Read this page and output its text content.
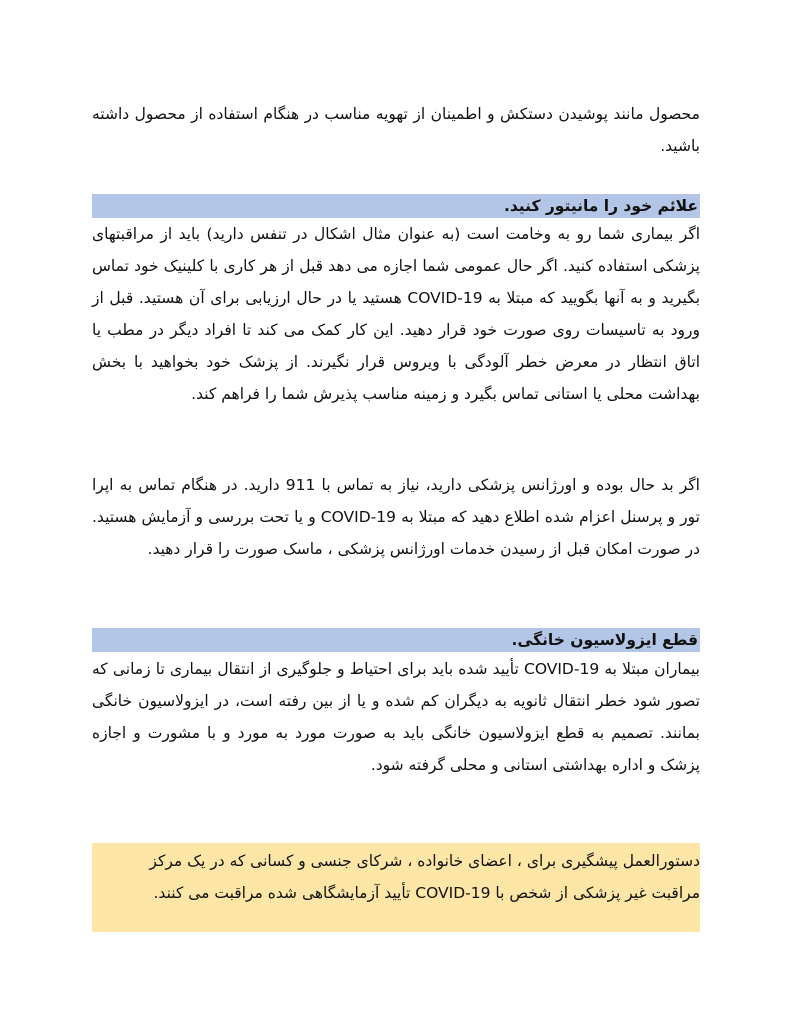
محصول مانند پوشیدن دستکش و اطمینان از تهویه مناسب در هنگام استفاده از محصول داشته باشید.

علائم خود را مانیتور کنید.

اگر بیماری شما رو به وخامت است (به عنوان مثال اشکال در تنفس دارید) باید از مراقبتهای پزشکی استفاده کنید. اگر حال عمومی شما اجازه می دهد قبل از هر کاری با کلینیک خود تماس بگیرید و به آنها بگویید که مبتلا به COVID-19 هستید یا در حال ارزیابی برای آن هستید. قبل از ورود به تاسیسات روی صورت خود قرار دهید. این کار کمک می کند تا افراد دیگر در مطب یا اتاق انتظار در معرض خطر آلودگی با ویروس قرار نگیرند. از پزشک خود بخواهید با بخش بهداشت محلی یا استانی تماس بگیرد و زمینه مناسب پذیرش شما را فراهم کند.

اگر بد حال بوده و اورژانس پزشکی دارید، نیاز به تماس با 911 دارید. در هنگام تماس به اپرا تور و پرسنل اعزام شده اطلاع دهید که مبتلا به COVID-19 و یا تحت بررسی و آزمایش هستید. در صورت امکان قبل از رسیدن خدمات اورژانس پزشکی ، ماسک صورت را قرار دهید.

قطع ایزولاسیون خانگی.

بیماران مبتلا به COVID-19 تأیید شده باید برای احتیاط و جلوگیری از انتقال بیماری تا زمانی که تصور شود خطر انتقال ثانویه به دیگران کم شده و یا از بین رفته است، در ایزولاسیون خانگی بمانند. تصمیم به قطع ایزولاسیون خانگی باید به صورت مورد به مورد و با مشورت و اجازه پزشک و اداره بهداشتی استانی و محلی گرفته شود.

دستورالعمل پیشگیری برای ، اعضای خانواده ، شرکای جنسی و کسانی که در یک مرکز
مراقبت غیر پزشکی از شخص با COVID-19 تأیید آزمایشگاهی شده مراقبت می کنند.
